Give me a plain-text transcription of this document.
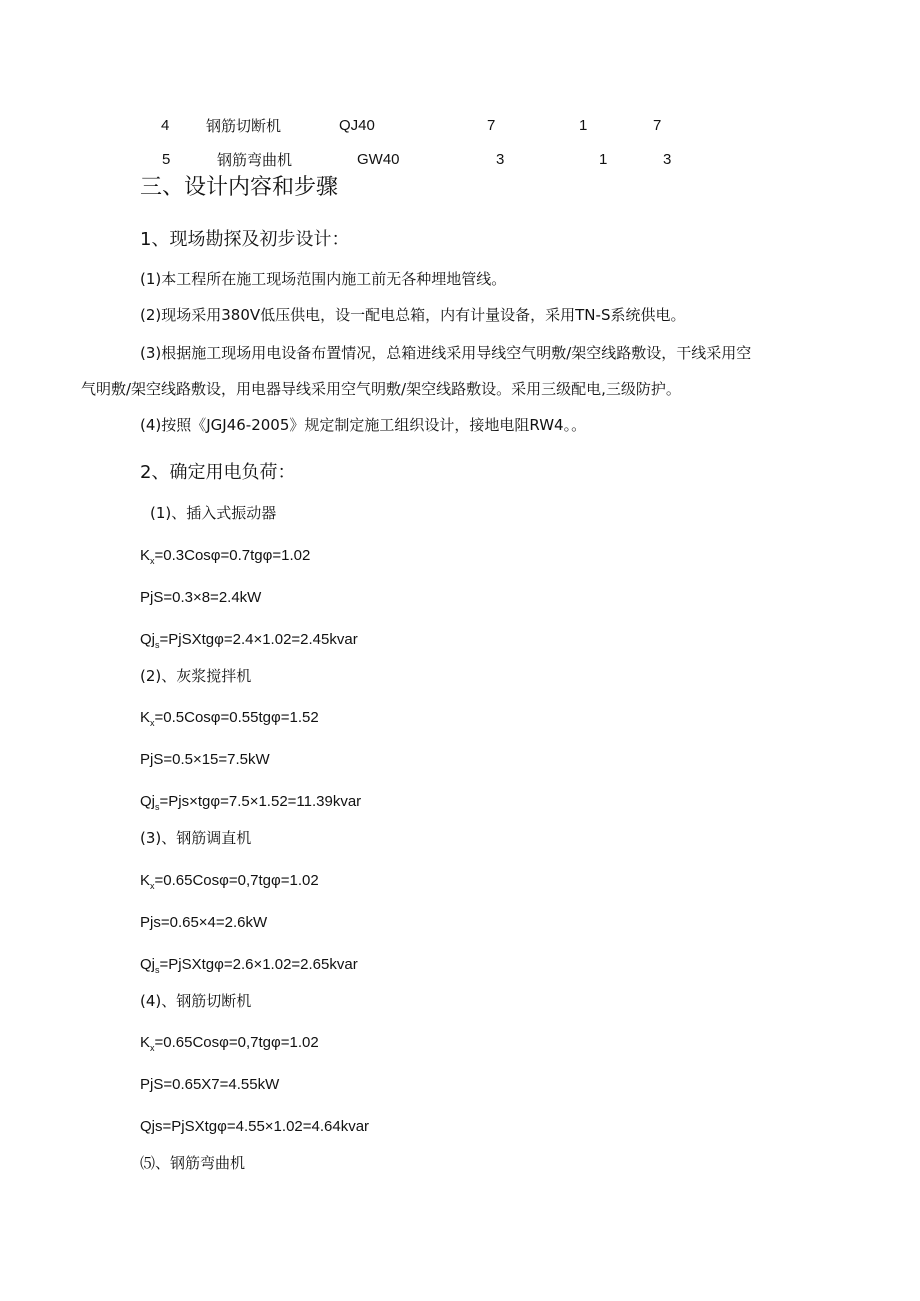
4 钢筋切断机	QJ40	7	1	7
5	钢筋弯曲机	GW40	3	1	3
三、设计内容和步骤
1、现场勘探及初步设计：
(1)本工程所在施工现场范围内施工前无各种埋地管线。
(2)现场采用380V低压供电，设一配电总箱，内有计量设备，采用TN-S系统供电。
(3)根据施工现场用电设备布置情况，总箱进线采用导线空气明敷/架空线路敷设，干线采用空
气明敷/架空线路敷设，用电器导线采用空气明敷/架空线路敷设。采用三级配电,三级防护。
(4)按照《JGJ46-2005》规定制定施工组织设计，接地电阻RW4。。
2、确定用电负荷：
(1)、插入式振动器
$K_x=0.3Cos\varphi=0.7tg\varphi=1.02$
PjS=0.3×8=2.4kW
$Qj_s=PjSXtg\varphi=2.4\times 1.02=2.45kvar$
(2)、灰浆搅拌机
$K_x=0.5Cos\varphi=0.55tg\varphi=1.52$
PjS=0.5×15=7.5kW
$Qj_s=Pjs\times tg\varphi=7.5\times 1.52=11.39kvar$
(3)、钢筋调直机
$K_x=0.65Cos\varphi=0,7tg\varphi=1.02$
Pjs=0.65×4=2.6kW
$Qj_s=PjSXtg\varphi=2.6\times 1.02=2.65kvar$
(4)、钢筋切断机
$K_x=0.65Cos\varphi=0,7tg\varphi=1.02$
PjS=0.65X7=4.55kW
Qjs=PjSXtgφ=4.55×1.02=4.64kvar
⑸、钢筋弯曲机
